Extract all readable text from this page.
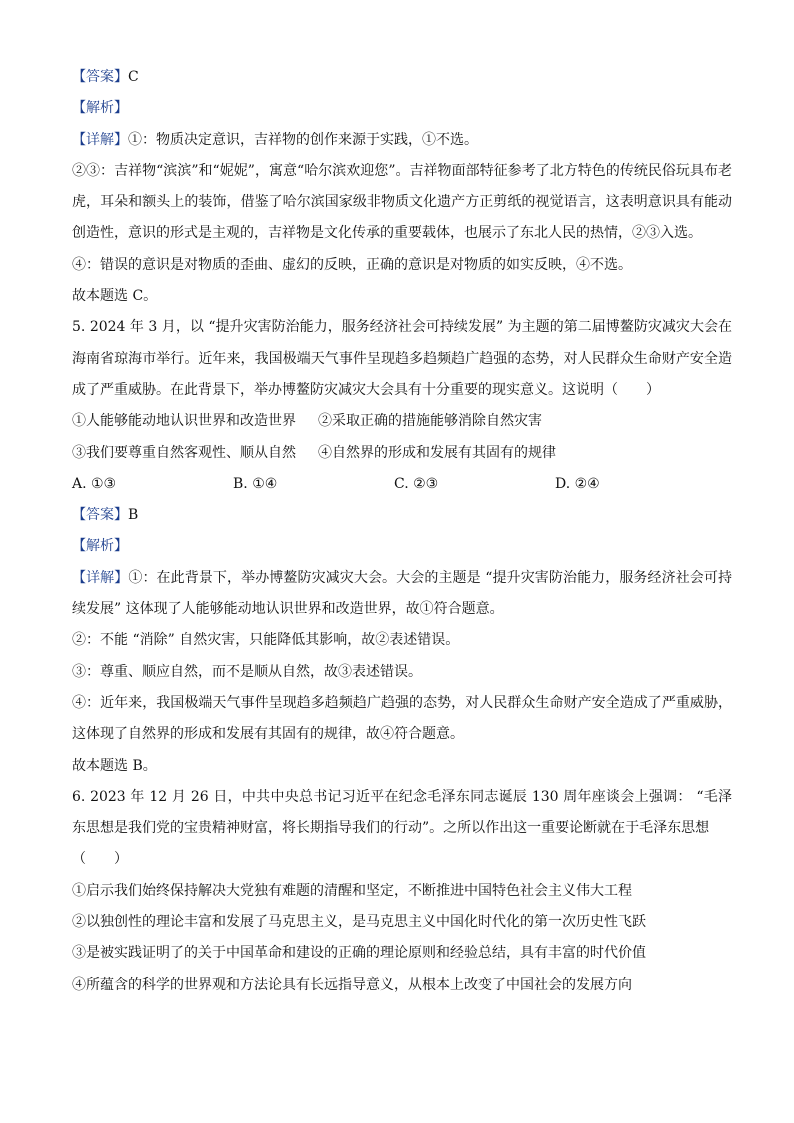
【答案】C
【解析】
【详解】①：物质决定意识，吉祥物的创作来源于实践，①不选。
②③：吉祥物“滨滨”和“妮妮”，寓意“哈尔滨欢迎您”。吉祥物面部特征参考了北方特色的传统民俗玩具布老虎，耳朵和额头上的装饰，借鉴了哈尔滨国家级非物质文化遗产方正剪纸的视觉语言，这表明意识具有能动创造性，意识的形式是主观的，吉祥物是文化传承的重要载体，也展示了东北人民的热情，②③入选。
④：错误的意识是对物质的歪曲、虚幻的反映，正确的意识是对物质的如实反映，④不选。
故本题选 C。
5. 2024 年 3 月，以 “提升灾害防治能力，服务经济社会可持续发展” 为主题的第二届博鳌防灾减灾大会在海南省琼海市举行。近年来，我国极端天气事件呈现趋多趋频趋广趋强的态势，对人民群众生命财产安全造成了严重威胁。在此背景下，举办博鳌防灾减灾大会具有十分重要的现实意义。这说明（　　）
①人能够能动地认识世界和改造世界	②采取正确的措施能够消除自然灾害
③我们要尊重自然客观性、顺从自然	④自然界的形成和发展有其固有的规律
A. ①③	B. ①④	C. ②③	D. ②④
【答案】B
【解析】
【详解】①：在此背景下，举办博鳌防灾减灾大会。大会的主题是 “提升灾害防治能力，服务经济社会可持续发展” 这体现了人能够能动地认识世界和改造世界，故①符合题意。
②：不能 “消除” 自然灾害，只能降低其影响，故②表述错误。
③：尊重、顺应自然，而不是顺从自然，故③表述错误。
④：近年来，我国极端天气事件呈现趋多趋频趋广趋强的态势，对人民群众生命财产安全造成了严重威胁，这体现了自然界的形成和发展有其固有的规律，故④符合题意。
故本题选 B。
6. 2023 年 12 月 26 日，中共中央总书记习近平在纪念毛泽东同志诞辰 130 周年座谈会上强调： “毛泽东思想是我们党的宝贵精神财富，将长期指导我们的行动”。之所以作出这一重要论断就在于毛泽东思想
（　　）
①启示我们始终保持解决大党独有难题的清醒和坚定，不断推进中国特色社会主义伟大工程
②以独创性的理论丰富和发展了马克思主义，是马克思主义中国化时代化的第一次历史性飞跃
③是被实践证明了的关于中国革命和建设的正确的理论原则和经验总结，具有丰富的时代价值
④所蕴含的科学的世界观和方法论具有长远指导意义，从根本上改变了中国社会的发展方向
